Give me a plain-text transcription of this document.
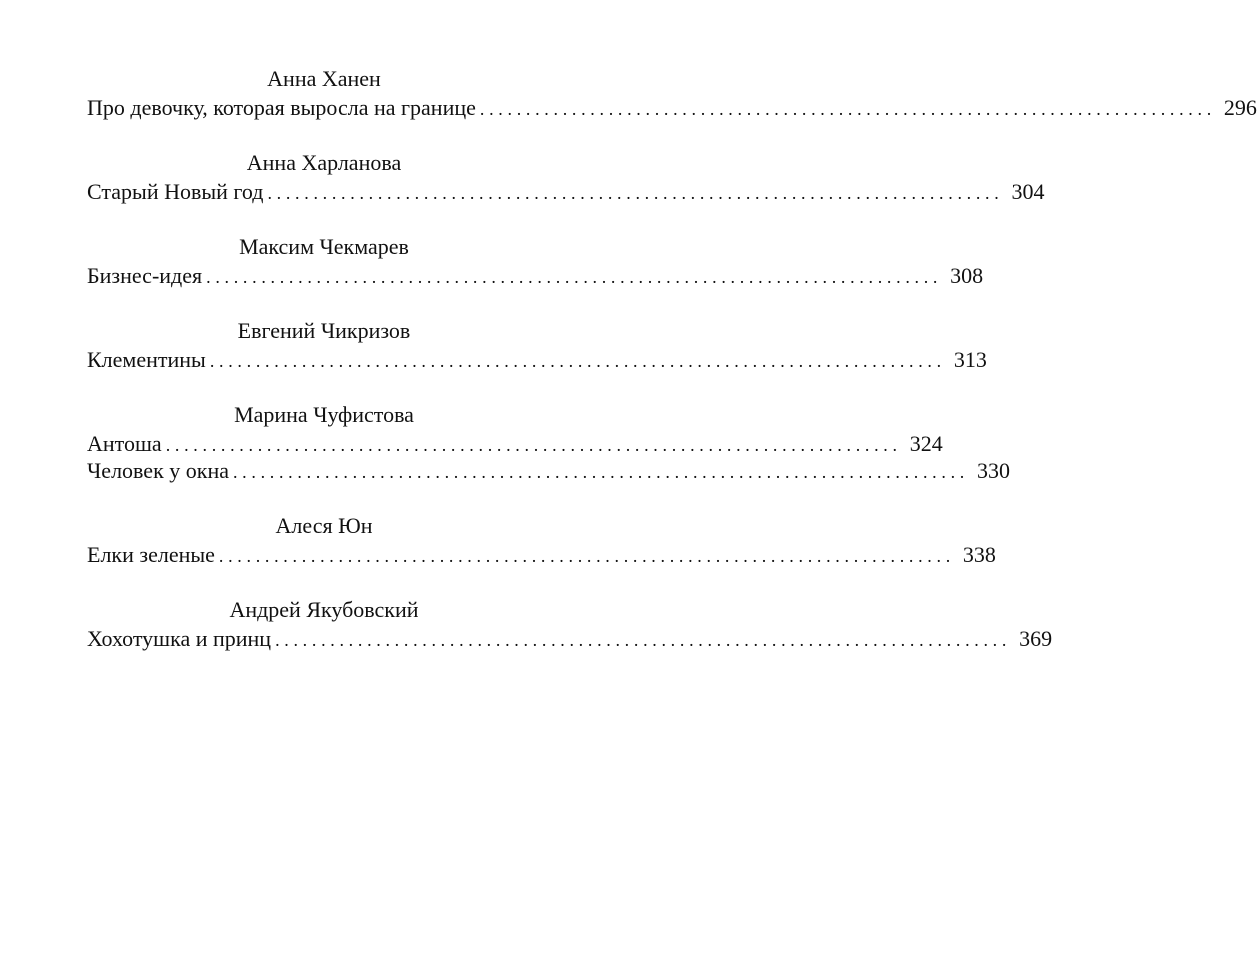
Анна Ханен
Про девочку, которая выросла на границе ................................................................................ 296
Анна Харланова
Старый Новый год ................................................................................ 304
Максим Чекмарев
Бизнес-идея ................................................................................ 308
Евгений Чикризов
Клементины ................................................................................ 313
Марина Чуфистова
Антоша ................................................................................ 324
Человек у окна ................................................................................ 330
Алеся Юн
Елки зеленые ................................................................................ 338
Андрей Якубовский
Хохотушка и принц ................................................................................ 369
